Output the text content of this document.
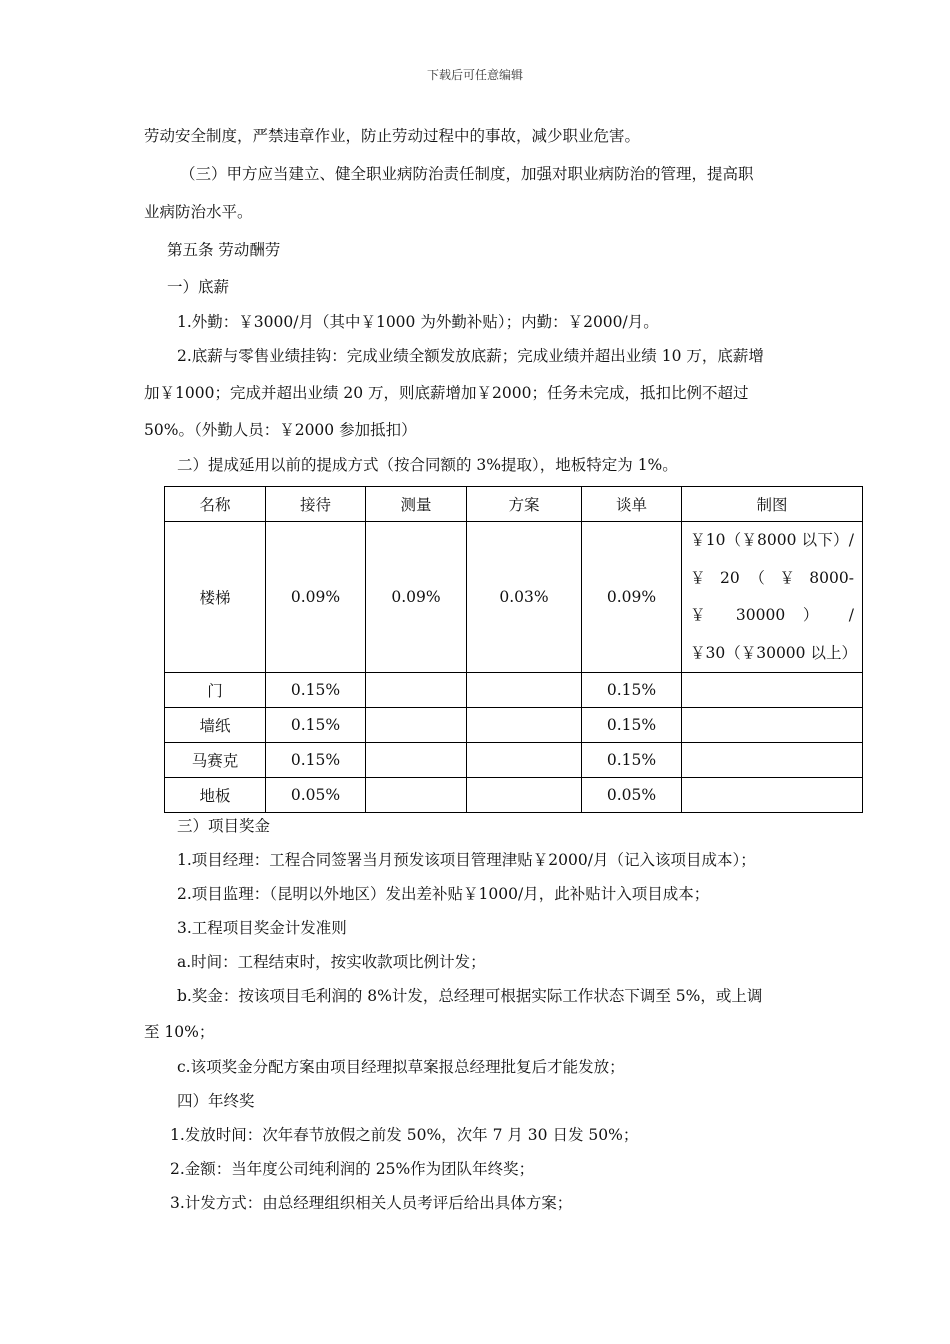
下载后可任意编辑
劳动安全制度，严禁违章作业，防止劳动过程中的事故，减少职业危害。
（三）甲方应当建立、健全职业病防治责任制度，加强对职业病防治的管理，提高职
业病防治水平。
第五条 劳动酬劳
一）底薪
1.外勤：￥3000/月（其中￥1000 为外勤补贴）；内勤：￥2000/月。
2.底薪与零售业绩挂钩：完成业绩全额发放底薪；完成业绩并超出业绩 10 万，底薪增
加￥1000；完成并超出业绩 20 万，则底薪增加￥2000；任务未完成，抵扣比例不超过
50%。（外勤人员：￥2000 参加抵扣）
二）提成延用以前的提成方式（按合同额的 3%提取），地板特定为 1%。
名称	接待	测量	方案	谈单	制图
楼梯	0.09%	0.09%	0.03%	0.09%	￥10（￥8000 以下）/
￥ 20 （ ￥ 8000-
￥ 30000 ） /
￥30（￥30000 以上）

门	0.15%			0.15%	
墙纸	0.15%			0.15%	
马赛克	0.15%			0.15%	
地板	0.05%			0.05%	
三）项目奖金
1.项目经理：工程合同签署当月预发该项目管理津贴￥2000/月（记入该项目成本）；
2.项目监理：（昆明以外地区）发出差补贴￥1000/月，此补贴计入项目成本；
3.工程项目奖金计发准则
a.时间：工程结束时，按实收款项比例计发；
b.奖金：按该项目毛利润的 8%计发，总经理可根据实际工作状态下调至 5%，或上调
至 10%；
c.该项奖金分配方案由项目经理拟草案报总经理批复后才能发放；
四）年终奖
1.发放时间：次年春节放假之前发 50%，次年 7 月 30 日发 50%；
2.金额：当年度公司纯利润的 25%作为团队年终奖；
3.计发方式：由总经理组织相关人员考评后给出具体方案；
